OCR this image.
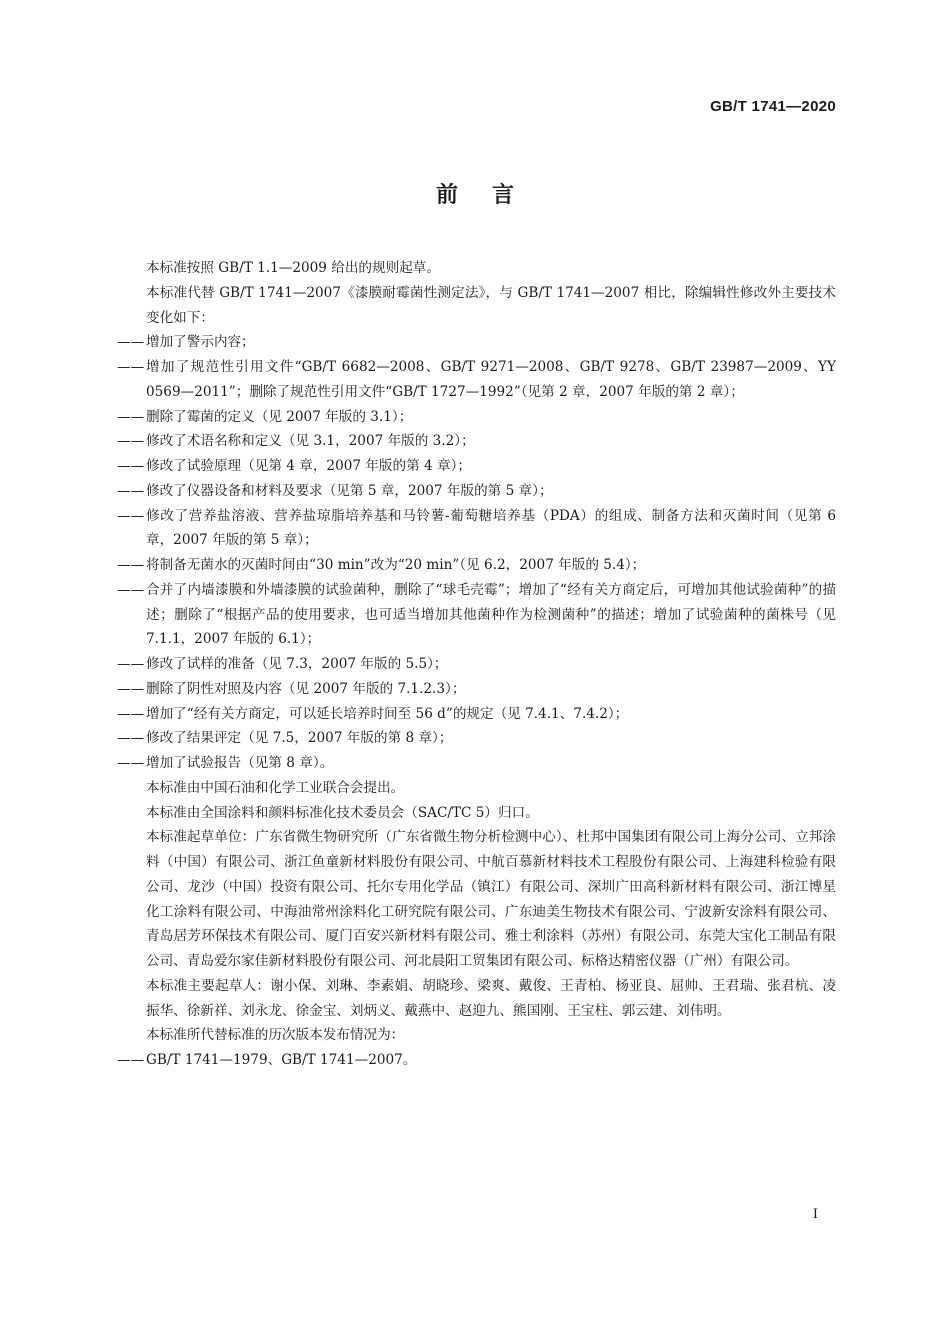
GB/T 1741—2020
前言

本标准按照 GB/T 1.1—2009 给出的规则起草。

本标准代替 GB/T 1741—2007《漆膜耐霉菌性测定法》，与 GB/T 1741—2007 相比，除编辑性修改外主要技术变化如下：

—— 增加了警示内容；

—— 增加了规范性引用文件“GB/T 6682—2008、GB/T 9271—2008、GB/T 9278、GB/T 23987—2009、YY 0569—2011”；删除了规范性引用文件“GB/T 1727—1992”（见第 2 章，2007 年版的第 2 章）；

—— 删除了霉菌的定义（见 2007 年版的 3.1）；

—— 修改了术语名称和定义（见 3.1，2007 年版的 3.2）；

—— 修改了试验原理（见第 4 章，2007 年版的第 4 章）；

—— 修改了仪器设备和材料及要求（见第 5 章，2007 年版的第 5 章）；

—— 修改了营养盐溶液、营养盐琼脂培养基和马铃薯-葡萄糖培养基（PDA）的组成、制备方法和灭菌时间（见第 6 章，2007 年版的第 5 章）；

—— 将制备无菌水的灭菌时间由“30 min”改为“20 min”（见 6.2，2007 年版的 5.4）；

—— 合并了内墙漆膜和外墙漆膜的试验菌种，删除了“球毛壳霉”；增加了“经有关方商定后，可增加其他试验菌种”的描述；删除了“根据产品的使用要求，也可适当增加其他菌种作为检测菌种”的描述；增加了试验菌种的菌株号（见 7.1.1，2007 年版的 6.1）；

—— 修改了试样的准备（见 7.3，2007 年版的 5.5）；

—— 删除了阴性对照及内容（见 2007 年版的 7.1.2.3）；

—— 增加了“经有关方商定，可以延长培养时间至 56 d”的规定（见 7.4.1、7.4.2）；

—— 修改了结果评定（见 7.5，2007 年版的第 8 章）；

—— 增加了试验报告（见第 8 章）。

本标准由中国石油和化学工业联合会提出。

本标准由全国涂料和颜料标准化技术委员会（SAC/TC 5）归口。

本标准起草单位：广东省微生物研究所（广东省微生物分析检测中心）、杜邦中国集团有限公司上海分公司、立邦涂料（中国）有限公司、浙江鱼童新材料股份有限公司、中航百慕新材料技术工程股份有限公司、上海建科检验有限公司、龙沙（中国）投资有限公司、托尔专用化学品（镇江）有限公司、深圳广田高科新材料有限公司、浙江博星化工涂料有限公司、中海油常州涂料化工研究院有限公司、广东迪美生物技术有限公司、宁波新安涂料有限公司、青岛居芳环保技术有限公司、厦门百安兴新材料有限公司、雅士利涂料（苏州）有限公司、东莞大宝化工制品有限公司、青岛爱尔家佳新材料股份有限公司、河北晨阳工贸集团有限公司、标格达精密仪器（广州）有限公司。

本标准主要起草人：谢小保、刘琳、李素娟、胡晓珍、梁爽、戴俊、王青柏、杨亚良、屈帅、王君瑞、张君杭、凌振华、徐新祥、刘永龙、徐金宝、刘炳义、戴燕中、赵迎九、熊国刚、王宝柱、郭云建、刘伟明。

本标准所代替标准的历次版本发布情况为：

—— GB/T 1741—1979、GB/T 1741—2007。

I
